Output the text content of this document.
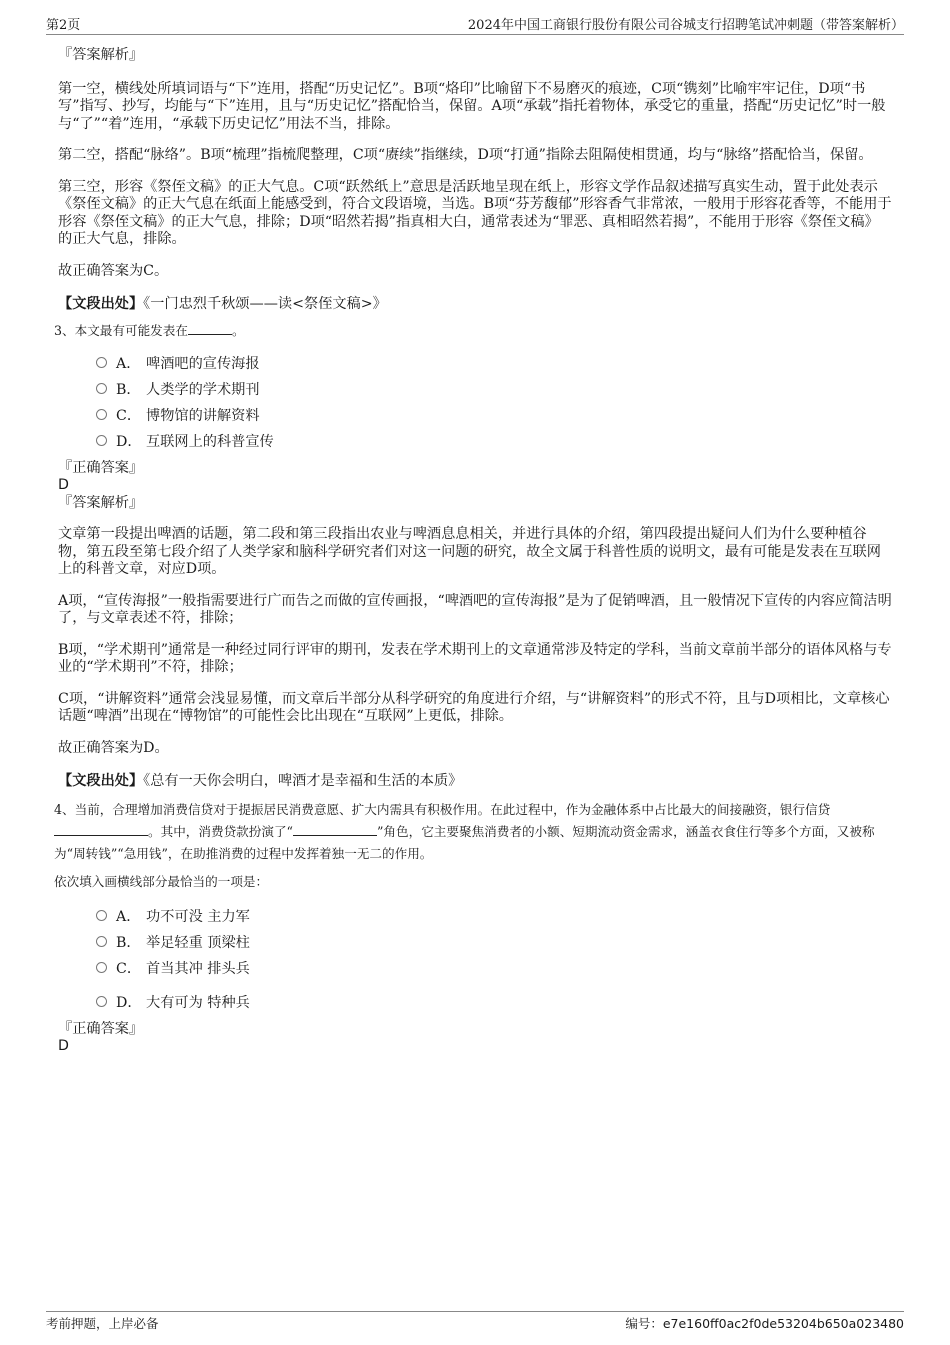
第2页	2024年中国工商银行股份有限公司谷城支行招聘笔试冲刺题（带答案解析）
『答案解析』

第一空，横线处所填词语与“下”连用，搭配“历史记忆”。B项“烙印”比喻留下不易磨灭的痕迹，C项“镌刻”比喻牢牢记住，D项“书写”指写、抄写，均能与“下”连用，且与“历史记忆”搭配恰当，保留。A项“承载”指托着物体，承受它的重量，搭配“历史记忆”时一般与“了”“着”连用，“承载下历史记忆”用法不当，排除。

第二空，搭配“脉络”。B项“梳理”指梳爬整理，C项“赓续”指继续，D项“打通”指除去阻隔使相贯通，均与“脉络”搭配恰当，保留。

第三空，形容《祭侄文稿》的正大气息。C项“跃然纸上”意思是活跃地呈现在纸上，形容文学作品叙述描写真实生动，置于此处表示《祭侄文稿》的正大气息在纸面上能感受到，符合文段语境，当选。B项“芬芳馥郁”形容香气非常浓，一般用于形容花香等，不能用于形容《祭侄文稿》的正大气息，排除；D项“昭然若揭”指真相大白，通常表述为“罪恶、真相昭然若揭”，不能用于形容《祭侄文稿》的正大气息，排除。

故正确答案为C。

【文段出处】《一门忠烈千秋颂——读<祭侄文稿>》

3、本文最有可能发表在	。

A． 啤酒吧的宣传海报
B． 人类学的学术期刊
C． 博物馆的讲解资料
D． 互联网上的科普宣传
『正确答案』
D
『答案解析』

文章第一段提出啤酒的话题，第二段和第三段指出农业与啤酒息息相关，并进行具体的介绍，第四段提出疑问人们为什么要种植谷物，第五段至第七段介绍了人类学家和脑科学研究者们对这一问题的研究，故全文属于科普性质的说明文，最有可能是发表在互联网上的科普文章，对应D项。

A项，“宣传海报”一般指需要进行广而告之而做的宣传画报，“啤酒吧的宣传海报”是为了促销啤酒，且一般情况下宣传的内容应简洁明了，与文章表述不符，排除；

B项，“学术期刊”通常是一种经过同行评审的期刊，发表在学术期刊上的文章通常涉及特定的学科，当前文章前半部分的语体风格与专业的“学术期刊”不符，排除；

C项，“讲解资料”通常会浅显易懂，而文章后半部分从科学研究的角度进行介绍，与“讲解资料”的形式不符，且与D项相比，文章核心话题“啤酒”出现在“博物馆”的可能性会比出现在“互联网”上更低，排除。

故正确答案为D。

【文段出处】《总有一天你会明白，啤酒才是幸福和生活的本质》

4、当前，合理增加消费信贷对于提振居民消费意愿、扩大内需具有积极作用。在此过程中，作为金融体系中占比最大的间接融资，银行信贷。其中，消费贷款扮演了“	”角色，它主要聚焦消费者的小额、短期流动资金需求，涵盖衣食住行等多个方面，又被称为“周转钱”“急用钱”，在助推消费的过程中发挥着独一无二的作用。

依次填入画横线部分最恰当的一项是：

A． 功不可没 主力军
B． 举足轻重 顶梁柱
C． 首当其冲 排头兵
D． 大有可为 特种兵
『正确答案』
D
考前押题，上岸必备	编号：e7e160ff0ac2f0de53204b650a023480
